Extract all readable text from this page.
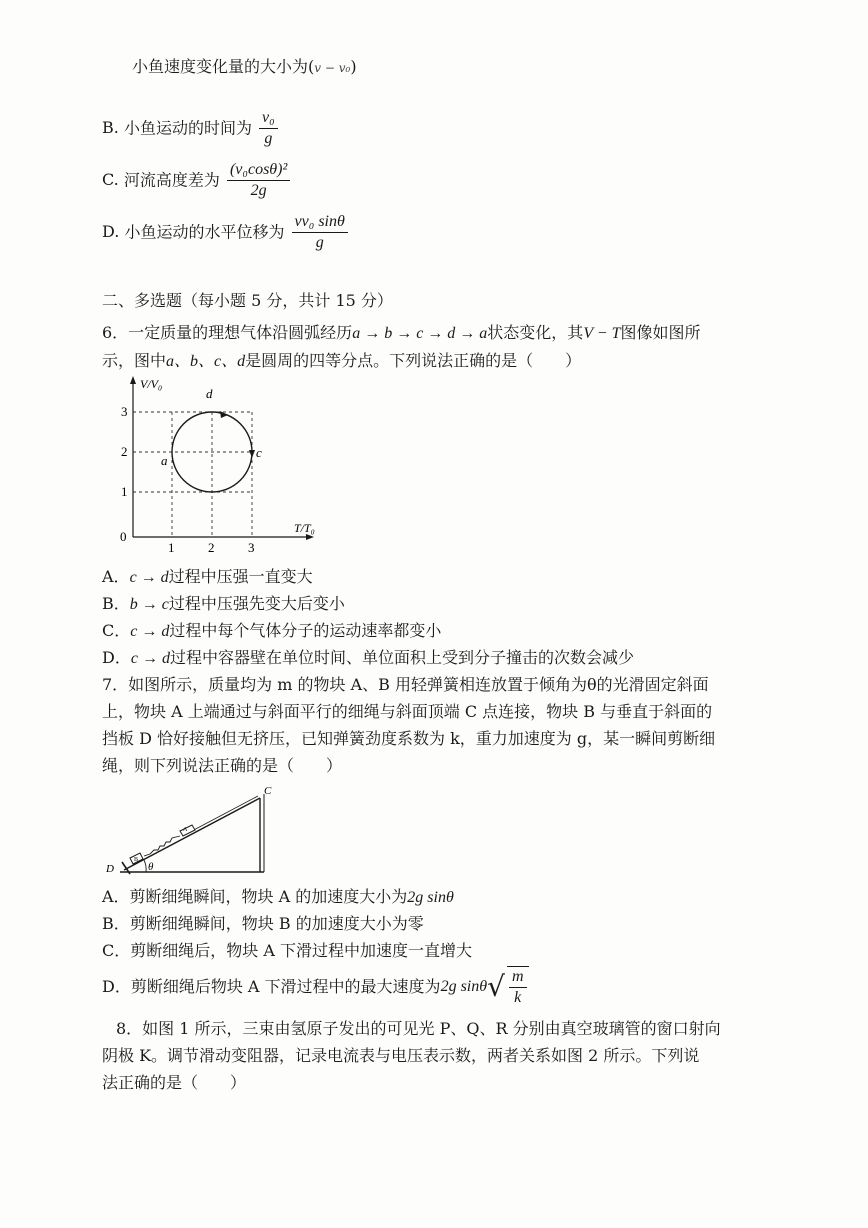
小鱼速度变化量的大小为(v − v₀)
B. 小鱼运动的时间为 $\frac{\text{v₀}}{g}$
C. 河流高度差为 $\frac{\text{(v₀cosθ)²}}{2g}$
D. 小鱼运动的水平位移为 $\frac{\text{vv₀ sinθ}}{g}$
二、多选题（每小题 5 分，共计 15 分）
6．一定质量的理想气体沿圆弧经历a → b → c → d → a状态变化，其V − T图像如图所
示，图中a、b、c、d是圆周的四等分点。下列说法正确的是（　　）
V/V₀
T/T₀
0
3
2
1
1	2	3
a
c
d
A．c → d过程中压强一直变大
B．b → c过程中压强先变大后变小
C．c → d过程中每个气体分子的运动速率都变小
D．c → d过程中容器壁在单位时间、单位面积上受到分子撞击的次数会减少
7．如图所示，质量均为 m 的物块 A、B 用轻弹簧相连放置于倾角为θ的光滑固定斜面
上，物块 A 上端通过与斜面平行的细绳与斜面顶端 C 点连接，物块 B 与垂直于斜面的
挡板 D 恰好接触但无挤压，已知弹簧劲度系数为 k，重力加速度为 g，某一瞬间剪断细
绳，则下列说法正确的是（　　）
C
D	θ
A
B
A．剪断细绳瞬间，物块 A 的加速度大小为2g sinθ
B．剪断细绳瞬间，物块 B 的加速度大小为零
C．剪断细绳后，物块 A 下滑过程中加速度一直增大
D．剪断细绳后物块 A 下滑过程中的最大速度为2g $\sin\theta√ \frac{m}{k}$
8．如图 1 所示，三束由氢原子发出的可见光 P、Q、R 分别由真空玻璃管的窗口射向
阴极 K。调节滑动变阻器，记录电流表与电压表示数，两者关系如图 2 所示。下列说
法正确的是（　　）
